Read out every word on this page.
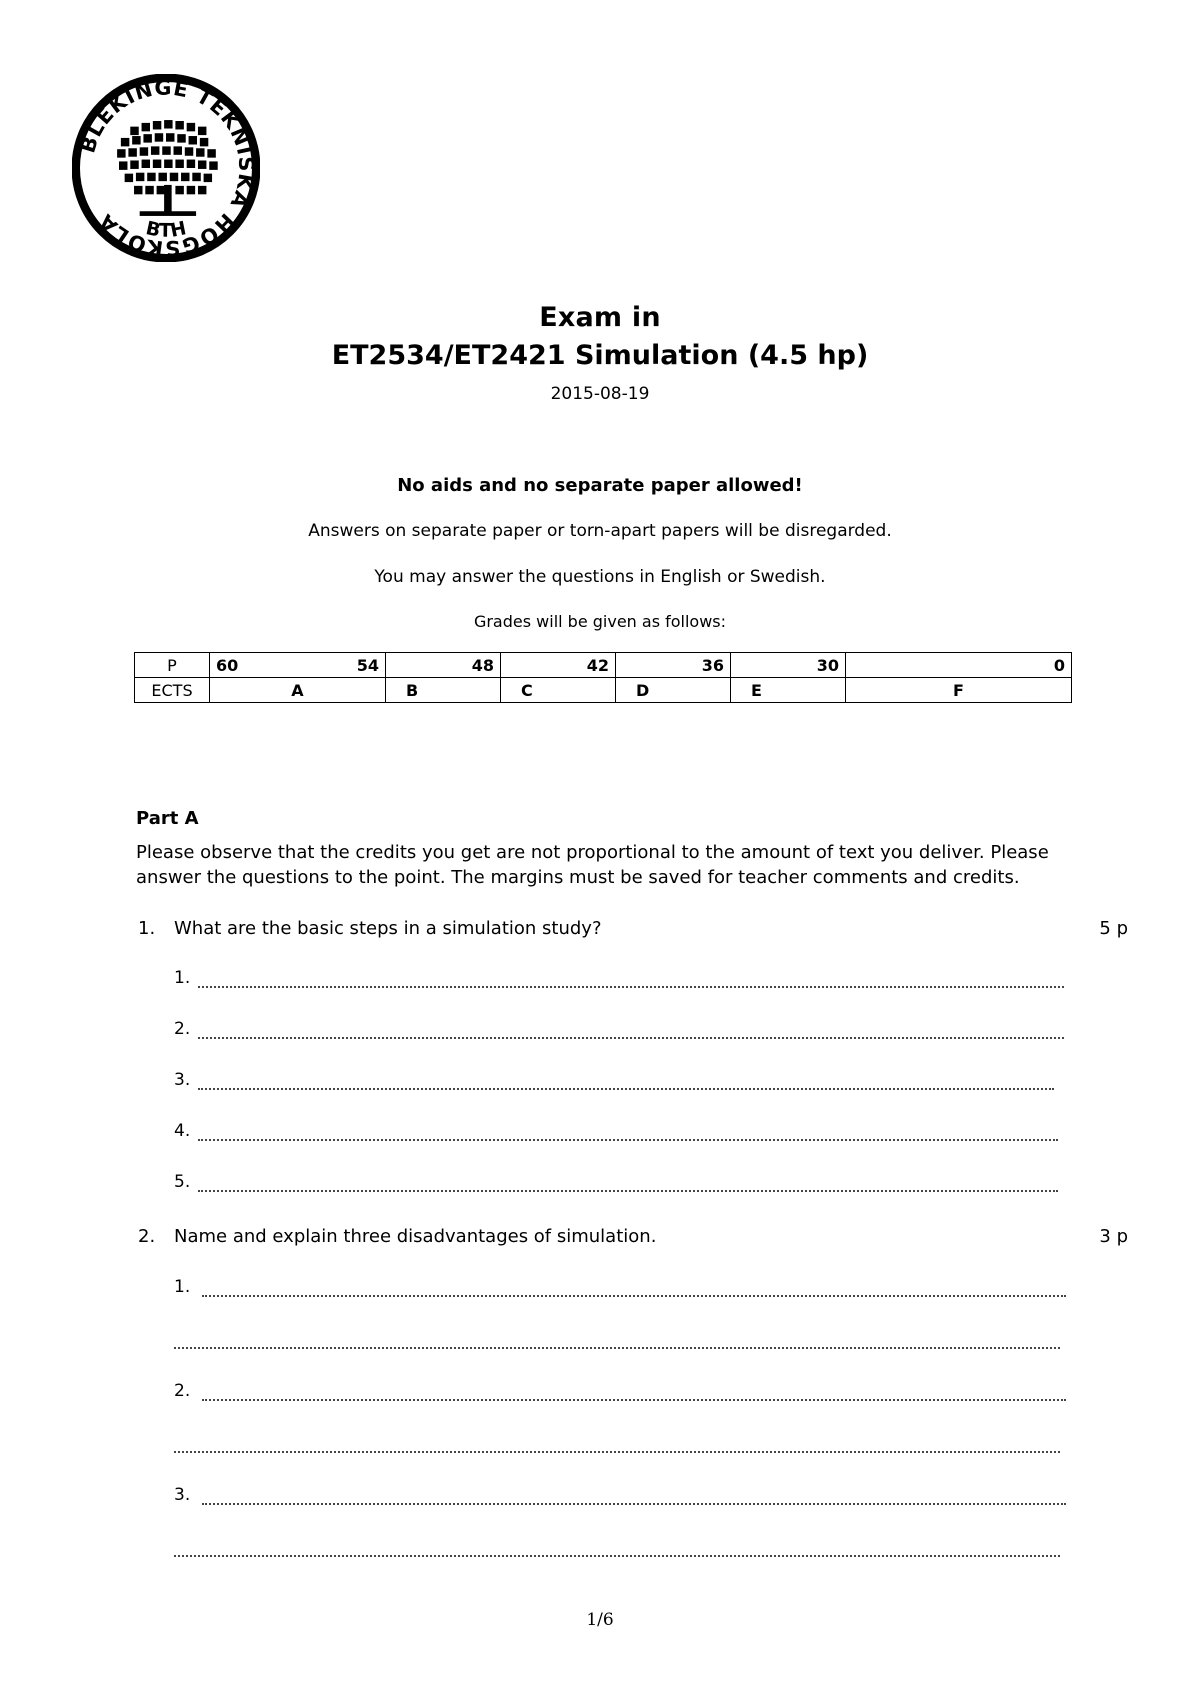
BLEKINGE TEKNISKA HÖGSKOLA	BTH
Exam in
ET2534/ET2421 Simulation (4.5 hp)
2015-08-19
No aids and no separate paper allowed!
Answers on separate paper or torn-apart papers will be disregarded.
You may answer the questions in English or Swedish.
Grades will be given as follows:
P	60 54	48	42	36	30	0
ECTS	A	B	C	D	E	F
Part A
Please observe that the credits you get are not proportional to the amount of text you deliver. Please answer the questions to the point. The margins must be saved for teacher comments and credits.
1. What are the basic steps in a simulation study?	5 p
1.
2.
3.
4.
5.
2. Name and explain three disadvantages of simulation.	3 p
1.
2.
3.
1/6
